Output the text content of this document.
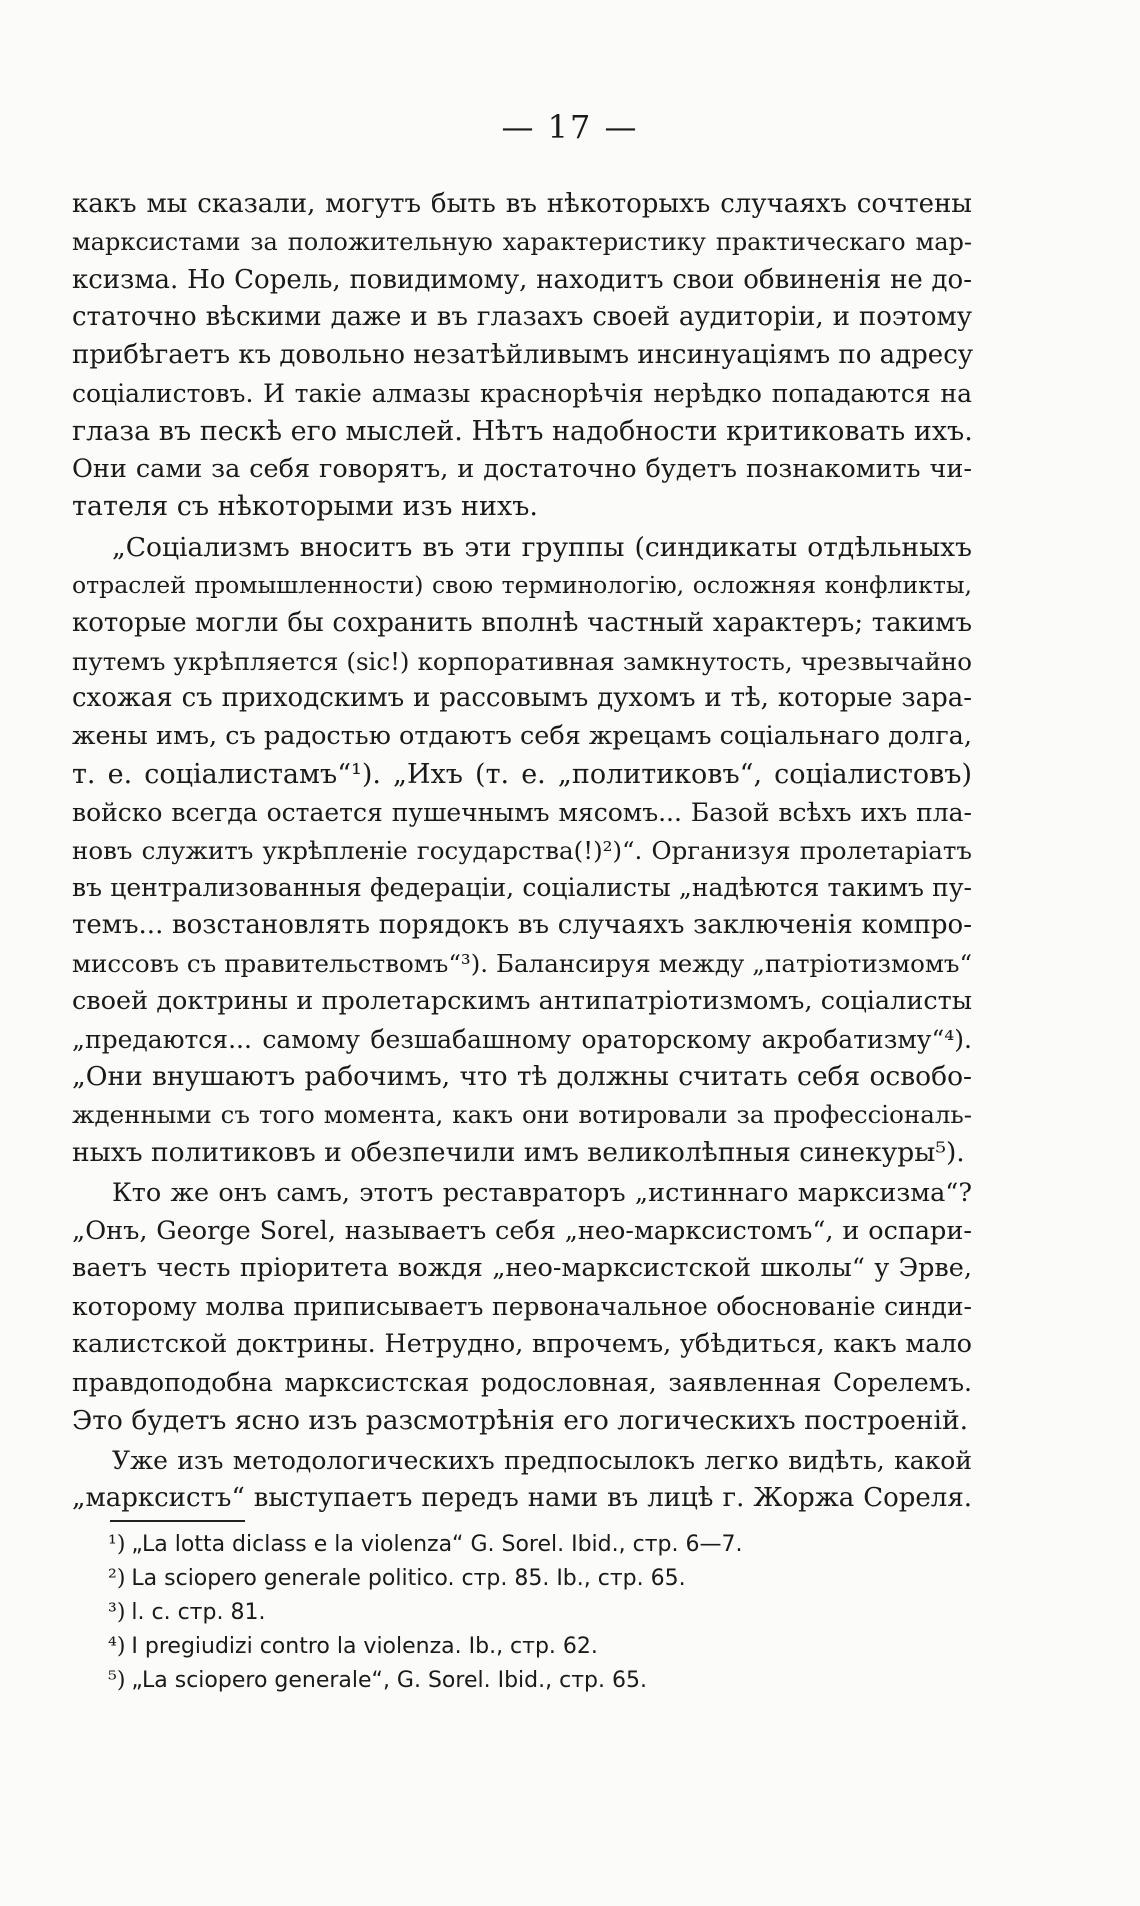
— 17 —
какъ мы сказали, могутъ быть въ нѣкоторыхъ случаяхъ сочтены
марксистами за положительную характеристику практическаго мар-
ксизма. Но Сорель, повидимому, находитъ свои обвиненія не до-
статочно вѣскими даже и въ глазахъ своей аудиторіи, и поэтому
прибѣгаетъ къ довольно незатѣйливымъ инсинуаціямъ по адресу
соціалистовъ. И такіе алмазы краснорѣчія нерѣдко попадаются на
глаза въ пескѣ его мыслей. Нѣтъ надобности критиковать ихъ.
Они сами за себя говорятъ, и достаточно будетъ познакомить чи-
тателя съ нѣкоторыми изъ нихъ.
„Соціализмъ вноситъ въ эти группы (синдикаты отдѣльныхъ
отраслей промышленности) свою терминологію, осложняя конфликты,
которые могли бы сохранить вполнѣ частный характеръ; такимъ
путемъ укрѣпляется (sic!) корпоративная замкнутость, чрезвычайно
схожая съ приходскимъ и рассовымъ духомъ и тѣ, которые зара-
жены имъ, съ радостью отдаютъ себя жрецамъ соціальнаго долга,
т. е. соціалистамъ“¹). „Ихъ (т. е. „политиковъ“, соціалистовъ)
войско всегда остается пушечнымъ мясомъ... Базой всѣхъ ихъ пла-
новъ служитъ укрѣпленіе государства(!)²)“. Организуя пролетаріатъ
въ централизованныя федераціи, соціалисты „надѣются такимъ пу-
темъ... возстановлять порядокъ въ случаяхъ заключенія компро-
миссовъ съ правительствомъ“³). Балансируя между „патріотизмомъ“
своей доктрины и пролетарскимъ антипатріотизмомъ, соціалисты
„предаются... самому безшабашному ораторскому акробатизму“⁴).
„Они внушаютъ рабочимъ, что тѣ должны считать себя освобо-
жденными съ того момента, какъ они вотировали за профессіональ-
ныхъ политиковъ и обезпечили имъ великолѣпныя синекуры⁵).
Кто же онъ самъ, этотъ реставраторъ „истиннаго марксизма“?
„Онъ, George Sorel, называетъ себя „нео-марксистомъ“, и оспари-
ваетъ честь пріоритета вождя „нео-марксистской школы“ у Эрве,
которому молва приписываетъ первоначальное обоснованіе синди-
калистской доктрины. Нетрудно, впрочемъ, убѣдиться, какъ мало
правдоподобна марксистская родословная, заявленная Сорелемъ.
Это будетъ ясно изъ разсмотрѣнія его логическихъ построеній.
Уже изъ методологическихъ предпосылокъ легко видѣть, какой
„марксистъ“ выступаетъ передъ нами въ лицѣ г. Жоржа Сореля.
¹) „La lotta diclass e la violenza“ G. Sorel. Ibid., стр. 6—7.
²) La sciopero generale politico. стр. 85. Ib., стр. 65.
³) l. c. стр. 81.
⁴) I pregiudizi contro la violenza. Ib., стр. 62.
⁵) „La sciopero generale“, G. Sorel. Ibid., стр. 65.
